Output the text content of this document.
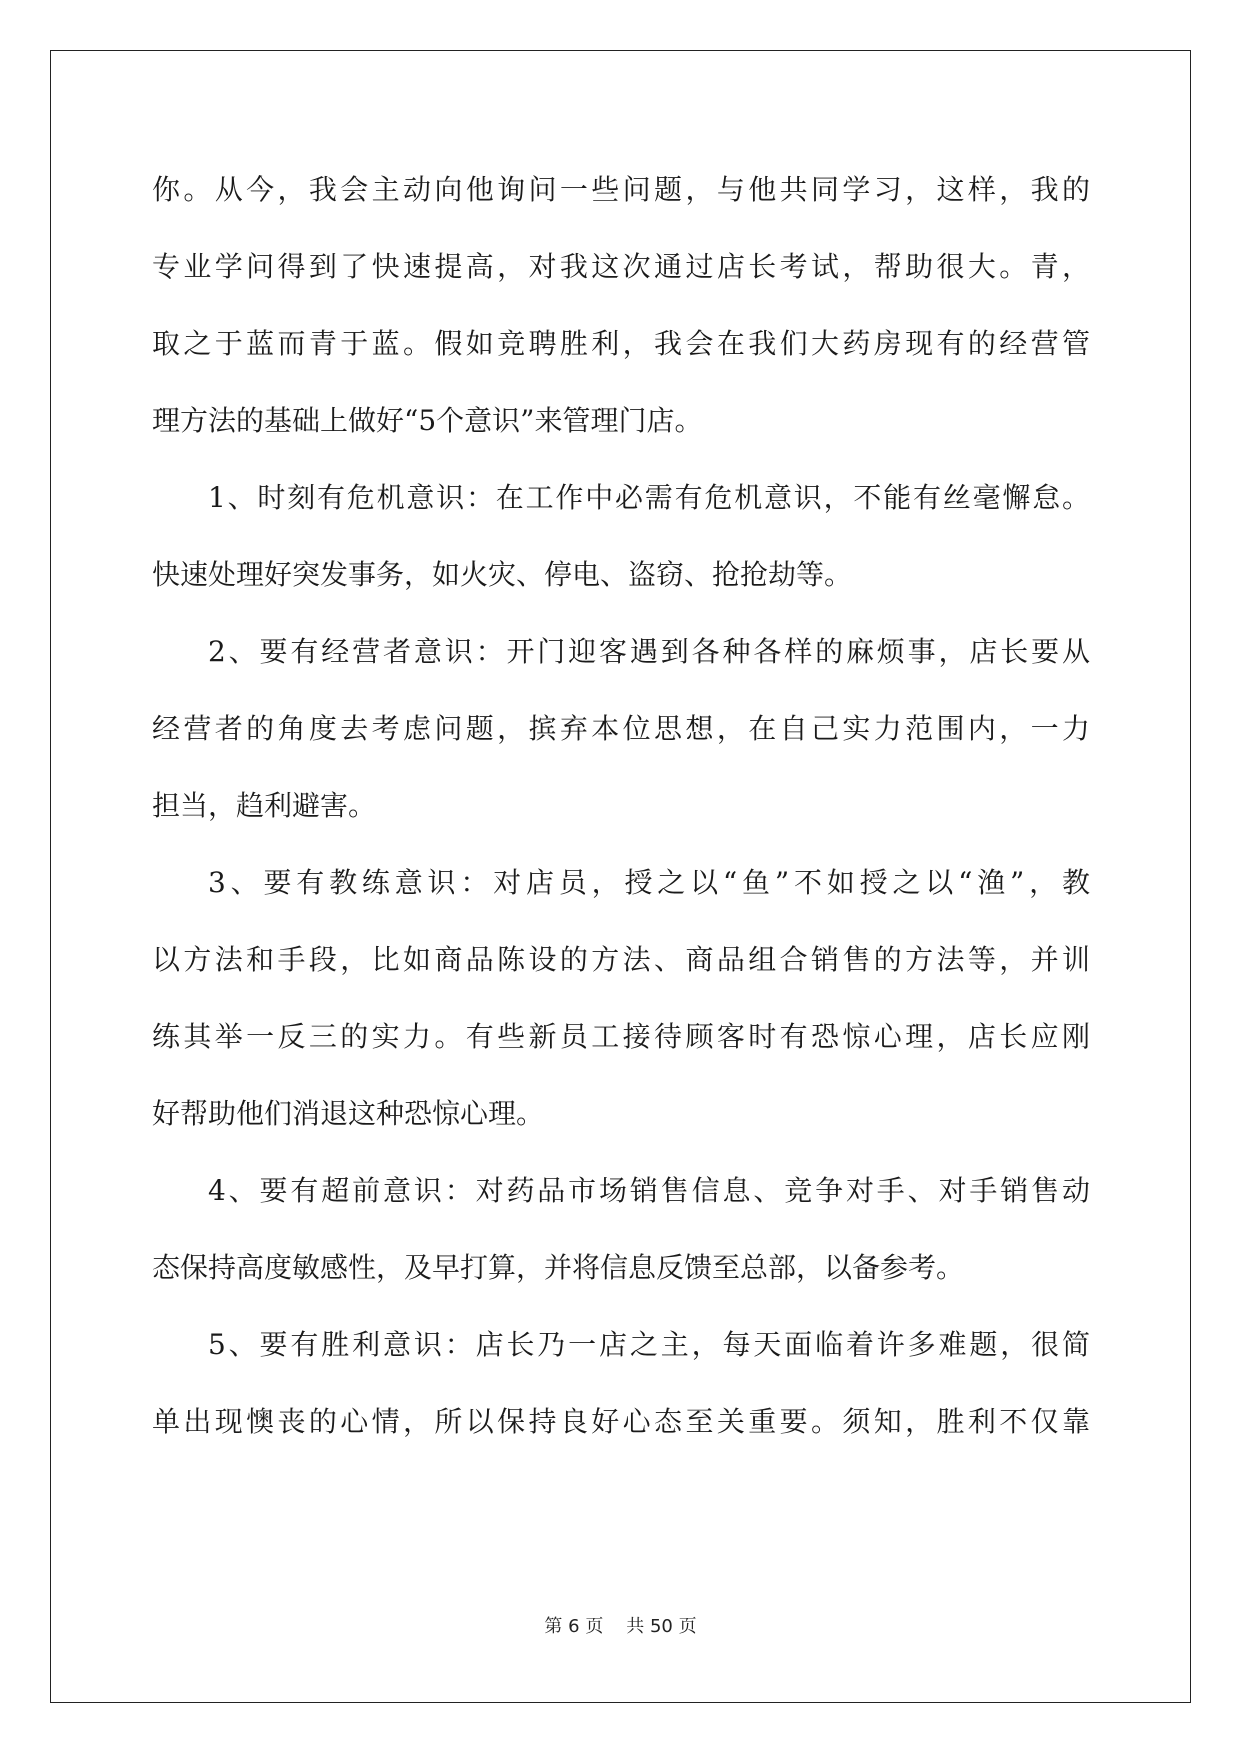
你。从今，我会主动向他询问一些问题，与他共同学习，这样，我的
专业学问得到了快速提高，对我这次通过店长考试，帮助很大。青，
取之于蓝而青于蓝。假如竞聘胜利，我会在我们大药房现有的经营管
理方法的基础上做好“5个意识”来管理门店。
1、时刻有危机意识：在工作中必需有危机意识，不能有丝毫懈怠。
快速处理好突发事务，如火灾、停电、盗窃、抢抢劫等。
2、要有经营者意识：开门迎客遇到各种各样的麻烦事，店长要从
经营者的角度去考虑问题，摈弃本位思想，在自己实力范围内，一力
担当，趋利避害。
3、要有教练意识：对店员，授之以“鱼”不如授之以“渔”，教
以方法和手段，比如商品陈设的方法、商品组合销售的方法等，并训
练其举一反三的实力。有些新员工接待顾客时有恐惊心理，店长应刚
好帮助他们消退这种恐惊心理。
4、要有超前意识：对药品市场销售信息、竞争对手、对手销售动
态保持高度敏感性，及早打算，并将信息反馈至总部，以备参考。
5、要有胜利意识：店长乃一店之主，每天面临着许多难题，很简
单出现懊丧的心情，所以保持良好心态至关重要。须知，胜利不仅靠
第 6 页 共 50 页
